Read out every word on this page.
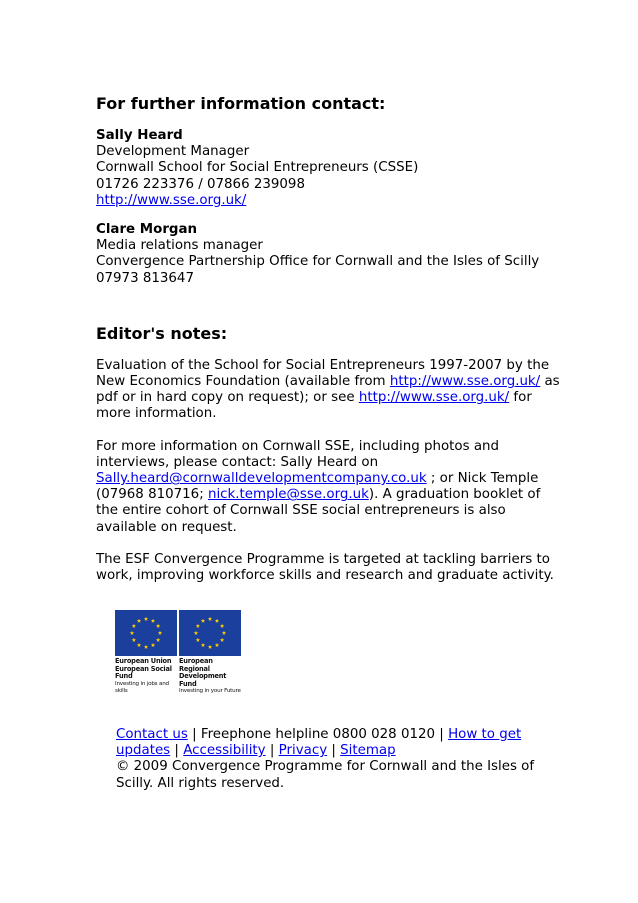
For further information contact:

Sally Heard

Development Manager

Cornwall School for Social Entrepreneurs (CSSE)

01726 223376 / 07866 239098

http://www.sse.org.uk/

Clare Morgan

Media relations manager

Convergence Partnership Office for Cornwall and the Isles of Scilly

07973 813647

Editor's notes:

Evaluation of the School for Social Entrepreneurs 1997-2007 by the New Economics Foundation (available from http://www.sse.org.uk/ as pdf or in hard copy on request); or see http://www.sse.org.uk/ for more information.

For more information on Cornwall SSE, including photos and interviews, please contact: Sally Heard on Sally.heard@cornwalldevelopmentcompany.co.uk ; or Nick Temple (07968 810716; nick.temple@sse.org.uk). A graduation booklet of the entire cohort of Cornwall SSE social entrepreneurs is also available on request.

The ESF Convergence Programme is targeted at tackling barriers to work, improving workforce skills and research and graduate activity.

European Union
European Social Fund
Investing in jobs and skills
European Regional
Development Fund
Investing in your Future

Contact us | Freephone helpline 0800 028 0120 | How to get updates | Accessibility | Privacy | Sitemap

© 2009 Convergence Programme for Cornwall and the Isles of Scilly. All rights reserved.
